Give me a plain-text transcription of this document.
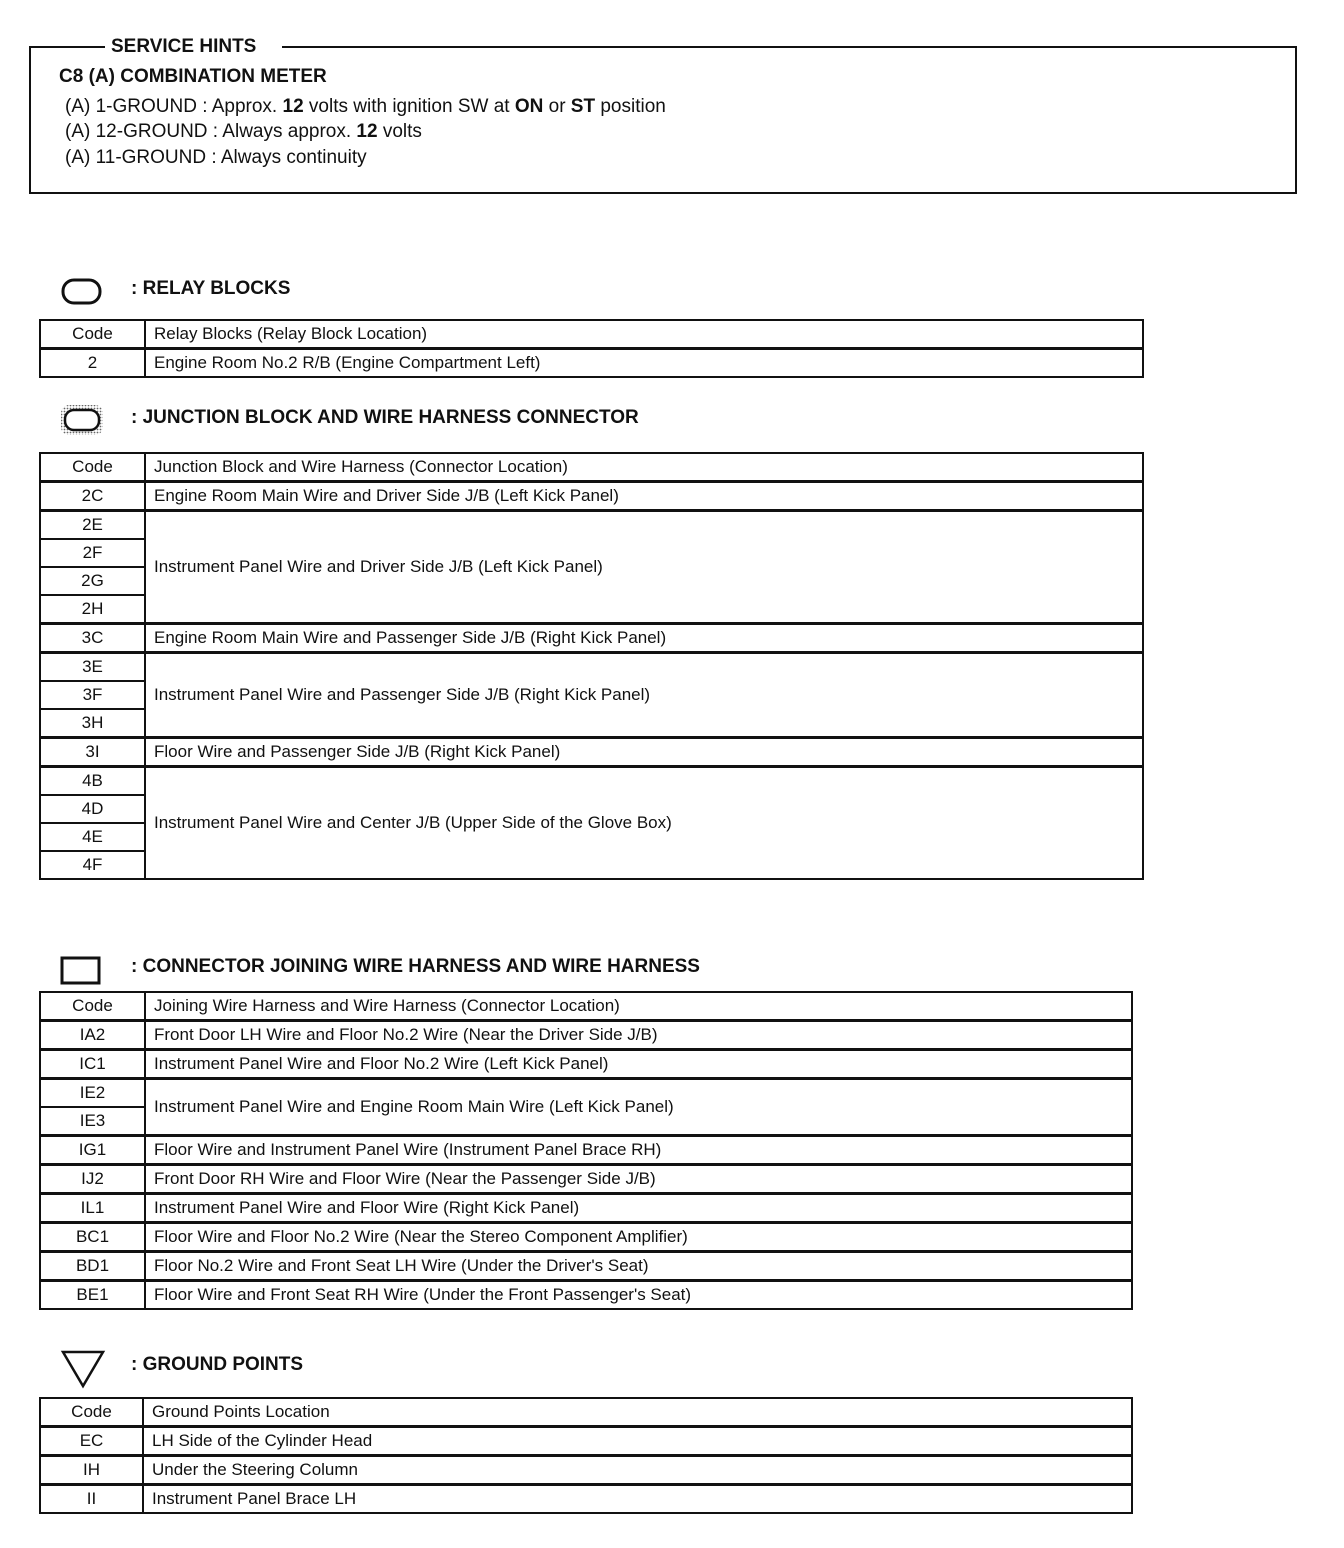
SERVICE HINTS
C8 (A) COMBINATION METER
(A) 1-GROUND : Approx. 12 volts with ignition SW at ON or ST position
(A) 12-GROUND : Always approx. 12 volts
(A) 11-GROUND : Always continuity
: RELAY BLOCKS
Code	Relay Blocks (Relay Block Location)
2	Engine Room No.2 R/B (Engine Compartment Left)
: JUNCTION BLOCK AND WIRE HARNESS CONNECTOR
Code	Junction Block and Wire Harness (Connector Location)
2C	Engine Room Main Wire and Driver Side J/B (Left Kick Panel)
2E	Instrument Panel Wire and Driver Side J/B (Left Kick Panel)
2F	
2G	
2H	
3C	Engine Room Main Wire and Passenger Side J/B (Right Kick Panel)
3E	Instrument Panel Wire and Passenger Side J/B (Right Kick Panel)
3F	
3H	
3I	Floor Wire and Passenger Side J/B (Right Kick Panel)
4B	Instrument Panel Wire and Center J/B (Upper Side of the Glove Box)
4D	
4E	
4F	
: CONNECTOR JOINING WIRE HARNESS AND WIRE HARNESS
Code	Joining Wire Harness and Wire Harness (Connector Location)
IA2	Front Door LH Wire and Floor No.2 Wire (Near the Driver Side J/B)
IC1	Instrument Panel Wire and Floor No.2 Wire (Left Kick Panel)
IE2	Instrument Panel Wire and Engine Room Main Wire (Left Kick Panel)
IE3	
IG1	Floor Wire and Instrument Panel Wire (Instrument Panel Brace RH)
IJ2	Front Door RH Wire and Floor Wire (Near the Passenger Side J/B)
IL1	Instrument Panel Wire and Floor Wire (Right Kick Panel)
BC1	Floor Wire and Floor No.2 Wire (Near the Stereo Component Amplifier)
BD1	Floor No.2 Wire and Front Seat LH Wire (Under the Driver's Seat)
BE1	Floor Wire and Front Seat RH Wire (Under the Front Passenger's Seat)
: GROUND POINTS
Code	Ground Points Location
EC	LH Side of the Cylinder Head
IH	Under the Steering Column
II	Instrument Panel Brace LH
